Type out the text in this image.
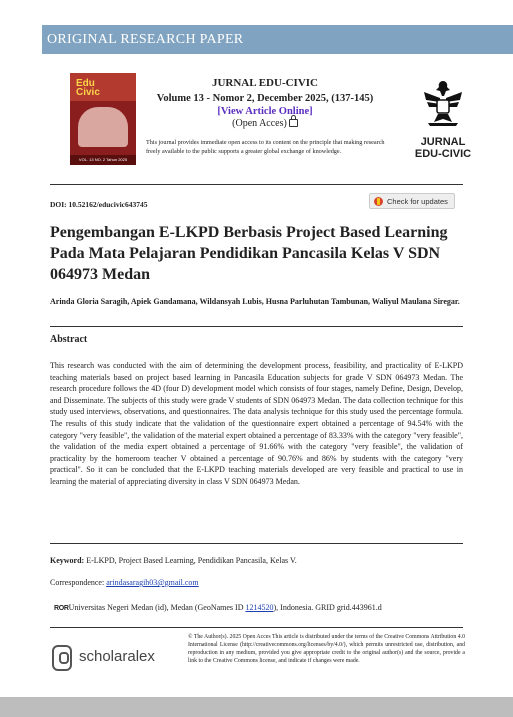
ORIGINAL RESEARCH PAPER
Edu
Civic
VOL. 13 NO. 2 Tahun 2025
JURNAL EDU-CIVIC
Volume 13 - Nomor 2, December 2025, (137-145)
[View Article Online]
(Open Acces)
This journal provides immediate open access to its content on the principle that making research freely available to the public supports a greater global exchange of knowledge.
JURNAL
EDU-CIVIC
DOI: 10.52162/educivic643745	Check for updates
Pengembangan E-LKPD Berbasis Project Based Learning Pada Mata Pelajaran Pendidikan Pancasila Kelas V SDN 064973 Medan
Arinda Gloria Saragih, Apiek Gandamana, Wildansyah Lubis, Husna Parluhutan Tambunan, Waliyul Maulana Siregar.
Abstract
This research was conducted with the aim of determining the development process, feasibility, and practicality of E-LKPD teaching materials based on project based learning in Pancasila Education subjects for grade V SDN 064973 Medan. The research procedure follows the 4D (four D) development model which consists of four stages, namely Define, Design, Develop, and Disseminate. The subjects of this study were grade V students of SDN 064973 Medan. The data collection technique for this study used interviews, observations, and questionnaires. The data analysis technique for this study used the percentage formula. The results of this study indicate that the validation of the questionnaire expert obtained a percentage of 94.54% with the category "very feasible", the validation of the material expert obtained a percentage of 83.33% with the category "very feasible", the validation of the media expert obtained a percentage of 91.66% with the category "very feasible", the validation of practicality by the homeroom teacher V obtained a percentage of 90.76% and 86% by students with the category "very practical". So it can be concluded that the E-LKPD teaching materials developed are very feasible and practical to use in learning the material of appreciating diversity in class V SDN 064973 Medan.
Keyword: E-LKPD, Project Based Learning, Pendidikan Pancasila, Kelas V.
Correspondence: arindasaragih03@gmail.com
RORUniversitas Negeri Medan (id), Medan (GeoNames ID 1214520), Indonesia. GRID grid.443961.d
scholaralex
© The Author(s). 2025 Open Acces This article is distributed under the terms of the Creative Commons Attribution 4.0 International License (http://creativecommons.org/licenses/by/4.0/), which permits unrestricted use, distribution, and reproduction in any medium, provided you give appropriate credit to the original author(s) and the source, provide a link to the Creative Commons license, and indicate if changes were made.
